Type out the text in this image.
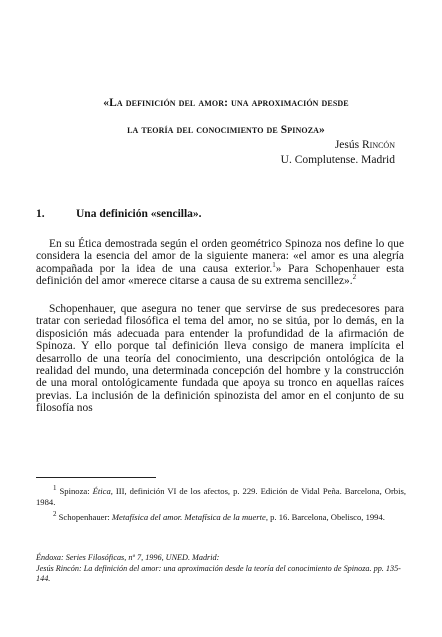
«La definición del amor: una aproximación desde
la teoría del conocimiento de Spinoza»
Jesús Rincón
U. Complutense. Madrid
1.	Una definición «sencilla».
En su Ética demostrada según el orden geométrico Spinoza nos define lo que considera la esencia del amor de la siguiente manera: «el amor es una alegría acompañada por la idea de una causa exterior.$^1$» Para Schopenhauer esta definición del amor «merece citarse a causa de su extrema sencillez».$^2$
Schopenhauer, que asegura no tener que servirse de sus predecesores para tratar con seriedad filosófica el tema del amor, no se sitúa, por lo demás, en la disposición más adecuada para entender la profundidad de la afirmación de Spinoza. Y ello porque tal definición lleva consigo de manera implícita el desarrollo de una teoría del conocimiento, una descripción ontológica de la realidad del mundo, una determinada concepción del hombre y la construcción de una moral ontológicamente fundada que apoya su tronco en aquellas raíces previas. La inclusión de la definición spinozista del amor en el conjunto de su filosofía nos
$^1$ Spinoza: Ética, III, definición VI de los afectos, p. 229. Edición de Vidal Peña. Barcelona, Orbis, 1984.
$^2$ Schopenhauer: Metafísica del amor. Metafísica de la muerte, p. 16. Barcelona, Obelisco, 1994.
Éndoxa: Series Filosóficas, nº 7, 1996, UNED. Madrid:
Jesús Rincón: La definición del amor: una aproximación desde la teoría del conocimiento de Spinoza. pp. 135-144.
